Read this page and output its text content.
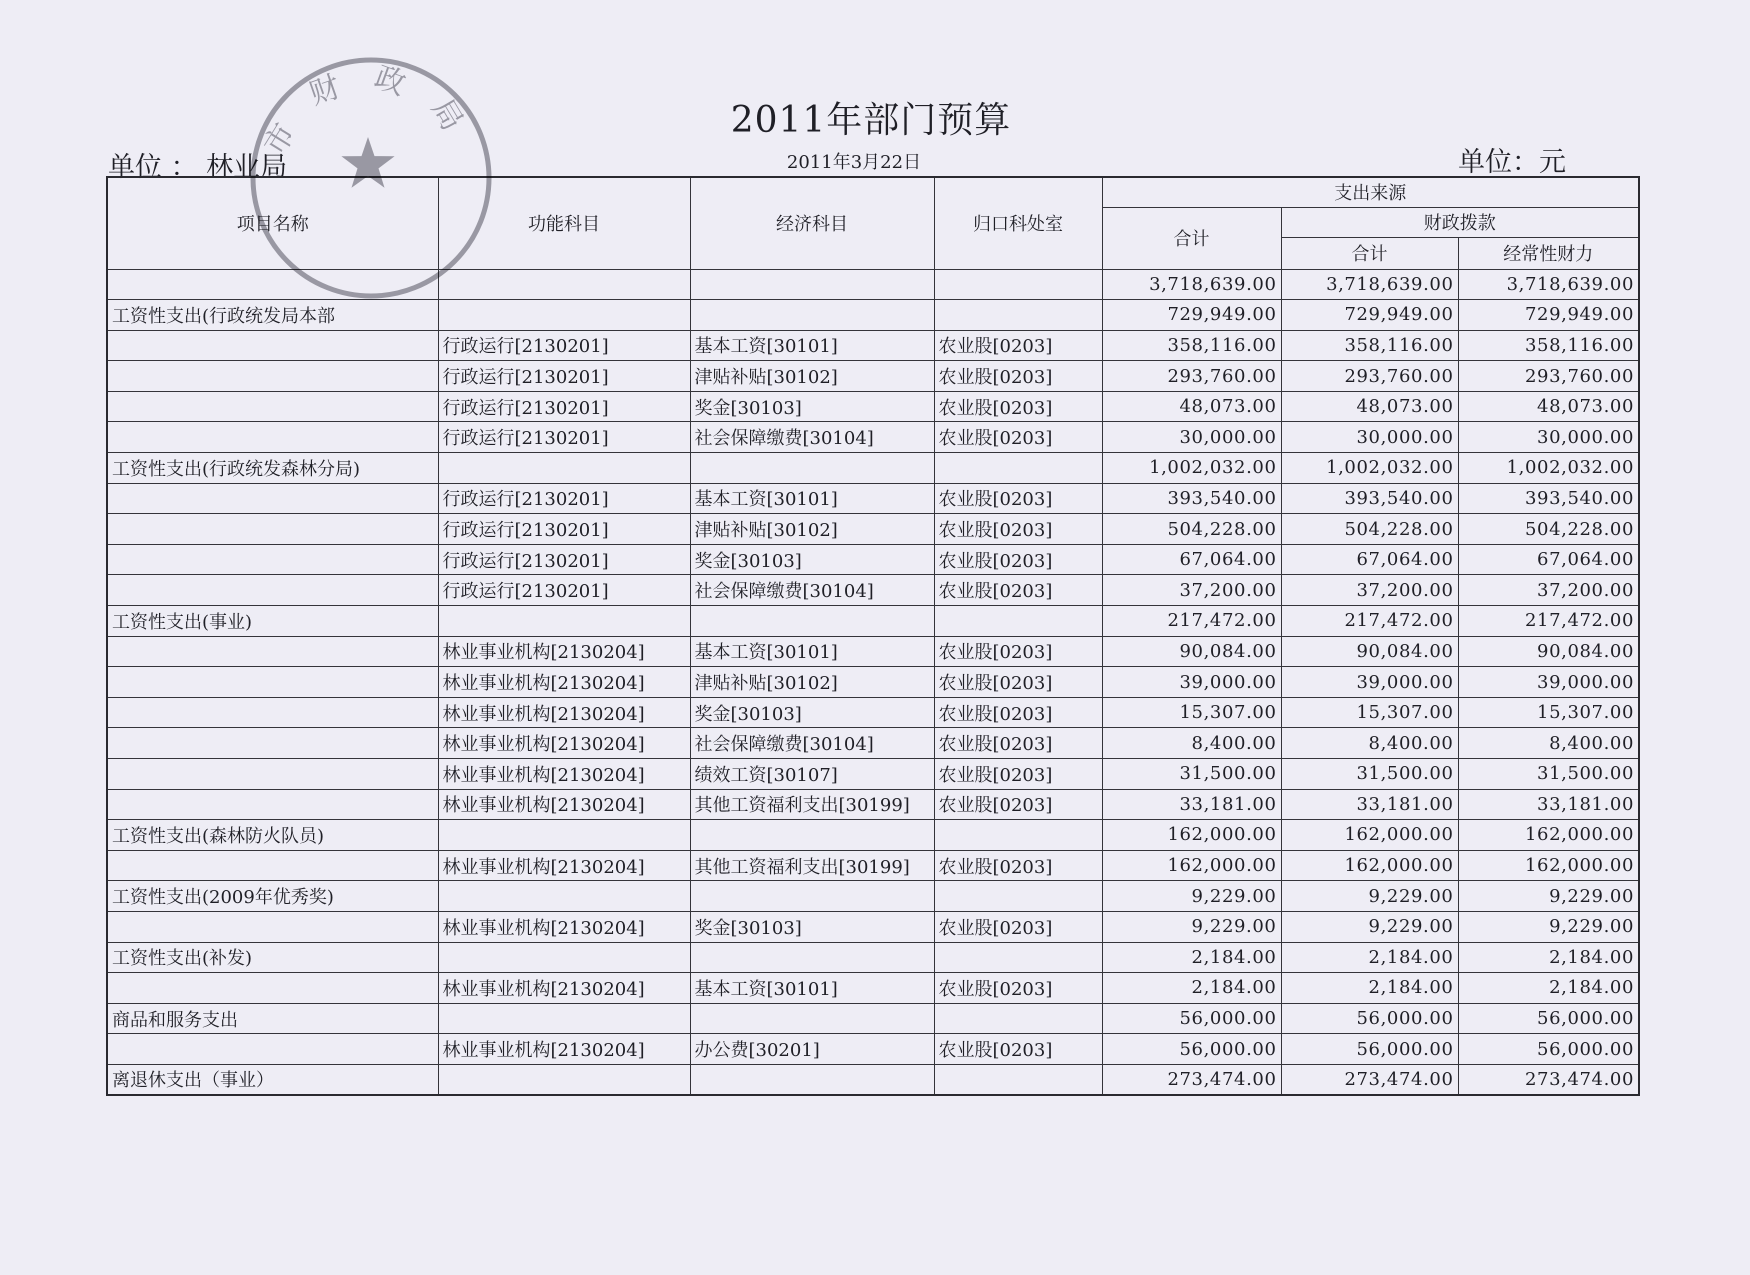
2011年部门预算
单位 ： 林业局	2011年3月22日	单位：元
项目名称	功能科目	经济科目	归口科处室	支出来源		
				合计	财政拨款	
					合计	经常性财力
				3,718,639.00	3,718,639.00	3,718,639.00
工资性支出(行政统发局本部				729,949.00	729,949.00	729,949.00
	行政运行[2130201]	基本工资[30101]	农业股[0203]	358,116.00	358,116.00	358,116.00
	行政运行[2130201]	津贴补贴[30102]	农业股[0203]	293,760.00	293,760.00	293,760.00
	行政运行[2130201]	奖金[30103]	农业股[0203]	48,073.00	48,073.00	48,073.00
	行政运行[2130201]	社会保障缴费[30104]	农业股[0203]	30,000.00	30,000.00	30,000.00
工资性支出(行政统发森林分局)				1,002,032.00	1,002,032.00	1,002,032.00
	行政运行[2130201]	基本工资[30101]	农业股[0203]	393,540.00	393,540.00	393,540.00
	行政运行[2130201]	津贴补贴[30102]	农业股[0203]	504,228.00	504,228.00	504,228.00
	行政运行[2130201]	奖金[30103]	农业股[0203]	67,064.00	67,064.00	67,064.00
	行政运行[2130201]	社会保障缴费[30104]	农业股[0203]	37,200.00	37,200.00	37,200.00
工资性支出(事业)				217,472.00	217,472.00	217,472.00
	林业事业机构[2130204]	基本工资[30101]	农业股[0203]	90,084.00	90,084.00	90,084.00
	林业事业机构[2130204]	津贴补贴[30102]	农业股[0203]	39,000.00	39,000.00	39,000.00
	林业事业机构[2130204]	奖金[30103]	农业股[0203]	15,307.00	15,307.00	15,307.00
	林业事业机构[2130204]	社会保障缴费[30104]	农业股[0203]	8,400.00	8,400.00	8,400.00
	林业事业机构[2130204]	绩效工资[30107]	农业股[0203]	31,500.00	31,500.00	31,500.00
	林业事业机构[2130204]	其他工资福利支出[30199]	农业股[0203]	33,181.00	33,181.00	33,181.00
工资性支出(森林防火队员)				162,000.00	162,000.00	162,000.00
	林业事业机构[2130204]	其他工资福利支出[30199]	农业股[0203]	162,000.00	162,000.00	162,000.00
工资性支出(2009年优秀奖)				9,229.00	9,229.00	9,229.00
	林业事业机构[2130204]	奖金[30103]	农业股[0203]	9,229.00	9,229.00	9,229.00
工资性支出(补发)				2,184.00	2,184.00	2,184.00
	林业事业机构[2130204]	基本工资[30101]	农业股[0203]	2,184.00	2,184.00	2,184.00
商品和服务支出				56,000.00	56,000.00	56,000.00
	林业事业机构[2130204]	办公费[30201]	农业股[0203]	56,000.00	56,000.00	56,000.00
离退休支出（事业）				273,474.00	273,474.00	273,474.00
市财政局
